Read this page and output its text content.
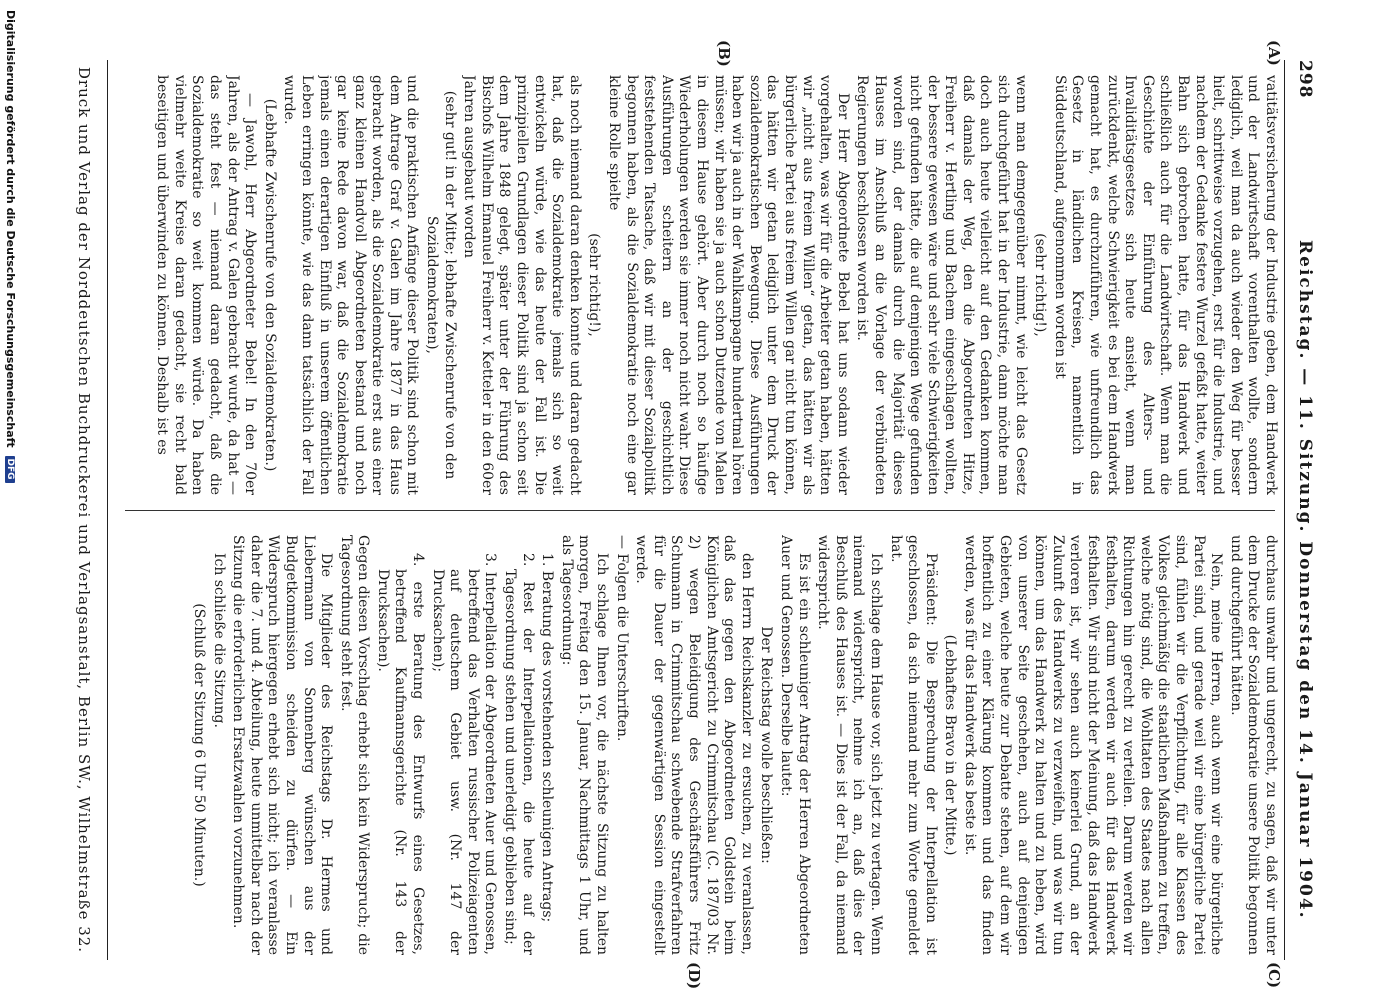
298
Reichstag. — 11. Sitzung. Donnerstag den 14. Januar 1904.
(A)
(B)
(C)
(D)

vatitätsversicherung der Industrie geben, dem Handwerk und der Landwirtschaft vorenthalten wollte, sondern lediglich, weil man da auch wieder den Weg für besser hielt, schrittweise vorzugehen, erst für die Industrie, und nachdem der Gedanke festere Wurzel gefaßt hatte, weiter Bahn sich gebrochen hatte, für das Handwerk und schließlich auch für die Landwirtschaft. Wenn man die Geschichte der Einführung des Alters- und Invaliditätsgesetzes sich heute ansieht, wenn man zurückdenkt, welche Schwierigkeit es bei dem Handwerk gemacht hat, es durchzuführen, wie unfreundlich das Gesetz in ländlichen Kreisen, namentlich in Süddeutschland, aufgenommen worden ist

(sehr richtig!),

wenn man demgegenüber nimmt, wie leicht das Gesetz sich durchgeführt hat in der Industrie, dann möchte man doch auch heute vielleicht auf den Gedanken kommen, daß damals der Weg, den die Abgeordneten Hitze, Freiherr v. Hertling und Bachem eingeschlagen wollten, der bessere gewesen wäre und sehr viele Schwierigkeiten nicht gefunden hätte, die auf demjenigen Wege gefunden worden sind, der damals durch die Majorität dieses Hauses im Anschluß an die Vorlage der verbündeten Regierungen beschlossen worden ist.

Der Herr Abgeordnete Bebel hat uns sodann wieder vorgehalten, was wir für die Arbeiter getan haben, hätten wir „nicht aus freiem Willen“ getan, das hätten wir als bürgerliche Partei aus freiem Willen gar nicht tun können, das hätten wir getan lediglich unter dem Druck der sozialdemokratischen Bewegung. Diese Ausführungen haben wir ja auch in der Wahlkampagne hundertmal hören müssen; wir haben sie ja auch schon Dutzende von Malen in diesem Hause gehört. Aber durch noch so häufige Wiederholungen werden sie immer noch nicht wahr. Diese Ausführungen scheitern an der geschichtlich feststehenden Tatsache, daß wir mit dieser Sozialpolitik begonnen haben, als die Sozialdemokratie noch eine gar kleine Rolle spielte

(sehr richtig!),

als noch niemand daran denken konnte und daran gedacht hat, daß die Sozialdemokratie jemals sich so weit entwickeln würde, wie das heute der Fall ist. Die prinzipiellen Grundlagen dieser Politik sind ja schon seit dem Jahre 1848 gelegt, später unter der Führung des Bischofs Wilhelm Emanuel Freiherr v. Ketteler in den 60er Jahren ausgebaut worden

(sehr gut! in der Mitte; lebhafte Zwischenrufe von den Sozialdemokraten),

und die praktischen Anfänge dieser Politik sind schon mit dem Antrage Graf v. Galen im Jahre 1877 in das Haus gebracht worden, als die Sozialdemokratie erst aus einer ganz kleinen Handvoll Abgeordneten bestand und noch gar keine Rede davon war, daß die Sozialdemokratie jemals einen derartigen Einfluß in unserem öffentlichen Leben erringen könnte, wie das dann tatsächlich der Fall wurde.

(Lebhafte Zwischenrufe von den Sozialdemokraten.)

— Jawohl, Herr Abgeordneter Bebel! In den 70er Jahren, als der Antrag v. Galen gebracht wurde, da hat — das steht fest — niemand daran gedacht, daß die Sozialdemokratie so weit kommen würde. Da haben vielmehr weite Kreise daran gedacht, sie recht bald beseitigen und überwinden zu können. Deshalb ist es

durchaus unwahr und ungerecht, zu sagen, daß wir unter dem Drucke der Sozialdemokratie unsere Politik begonnen und durchgeführt hätten.

Nein, meine Herren, auch wenn wir eine bürgerliche Partei sind, und gerade weil wir eine bürgerliche Partei sind, fühlen wir die Verpflichtung, für alle Klassen des Volkes gleichmäßig die staatlichen Maßnahmen zu treffen, welche nötig sind, die Wohltaten des Staates nach allen Richtungen hin gerecht zu verteilen. Darum werden wir festhalten, darum werden wir auch für das Handwerk festhalten. Wir sind nicht der Meinung, daß das Handwerk verloren ist, wir sehen auch keinerlei Grund, an der Zukunft des Handwerks zu verzweifeln, und was wir tun können, um das Handwerk zu halten und zu heben, wird von unserer Seite geschehen, auch auf denjenigen Gebieten, welche heute zur Debatte stehen, auf dem wir hoffentlich zu einer Klärung kommen und das finden werden, was für das Handwerk das beste ist.

(Lebhaftes Bravo in der Mitte.)

Präsident: Die Besprechung der Interpellation ist geschlossen, da sich niemand mehr zum Worte gemeldet hat.

Ich schlage dem Hause vor, sich jetzt zu vertagen. Wenn niemand widerspricht, nehme ich an, daß dies der Beschluß des Hauses ist. — Dies ist der Fall, da niemand widerspricht.

Es ist ein schleuniger Antrag der Herren Abgeordneten Auer und Genossen. Derselbe lautet:

Der Reichstag wolle beschließen:

den Herrn Reichskanzler zu ersuchen, zu veranlassen, daß das gegen den Abgeordneten Goldstein beim Königlichen Amtsgericht zu Crimmitschau (C. 187/03 Nr. 2) wegen Beleidigung des Geschäftsführers Fritz Schumann in Crimmitschau schwebende Strafverfahren für die Dauer der gegenwärtigen Session eingestellt werde.

— Folgen die Unterschriften.

Ich schlage Ihnen vor, die nächste Sitzung zu halten morgen, Freitag den 15. Januar, Nachmittags 1 Uhr, und als Tagesordnung:

1. Beratung des vorstehenden schleunigen Antrags;

2. Rest der Interpellationen, die heute auf der Tagesordnung stehen und unerledigt geblieben sind;

3. Interpellation der Abgeordneten Auer und Genossen, betreffend das Verhalten russischer Polizeiagenten auf deutschem Gebiet usw. (Nr. 147 der Drucksachen);

4. erste Beratung des Entwurfs eines Gesetzes, betreffend Kaufmannsgerichte (Nr. 143 der Drucksachen).

Gegen diesen Vorschlag erhebt sich kein Widerspruch; die Tagesordnung steht fest.

Die Mitglieder des Reichstags Dr. Hermes und Liebermann von Sonnenberg wünschen aus der Budgetkommission scheiden zu dürfen. — Ein Widerspruch hiergegen erhebt sich nicht; ich veranlasse daher die 7. und 4. Abteilung, heute unmittelbar nach der Sitzung die erforderlichen Ersatzwahlen vorzunehmen.

Ich schließe die Sitzung.

(Schluß der Sitzung 6 Uhr 50 Minuten.)

Druck und Verlag der Norddeutschen Buchdruckerei und Verlagsanstalt, Berlin SW., Wilhelmstraße 32.
Digitalisierung gefördert durch die Deutsche Forschungsgemeinschaft DFG
